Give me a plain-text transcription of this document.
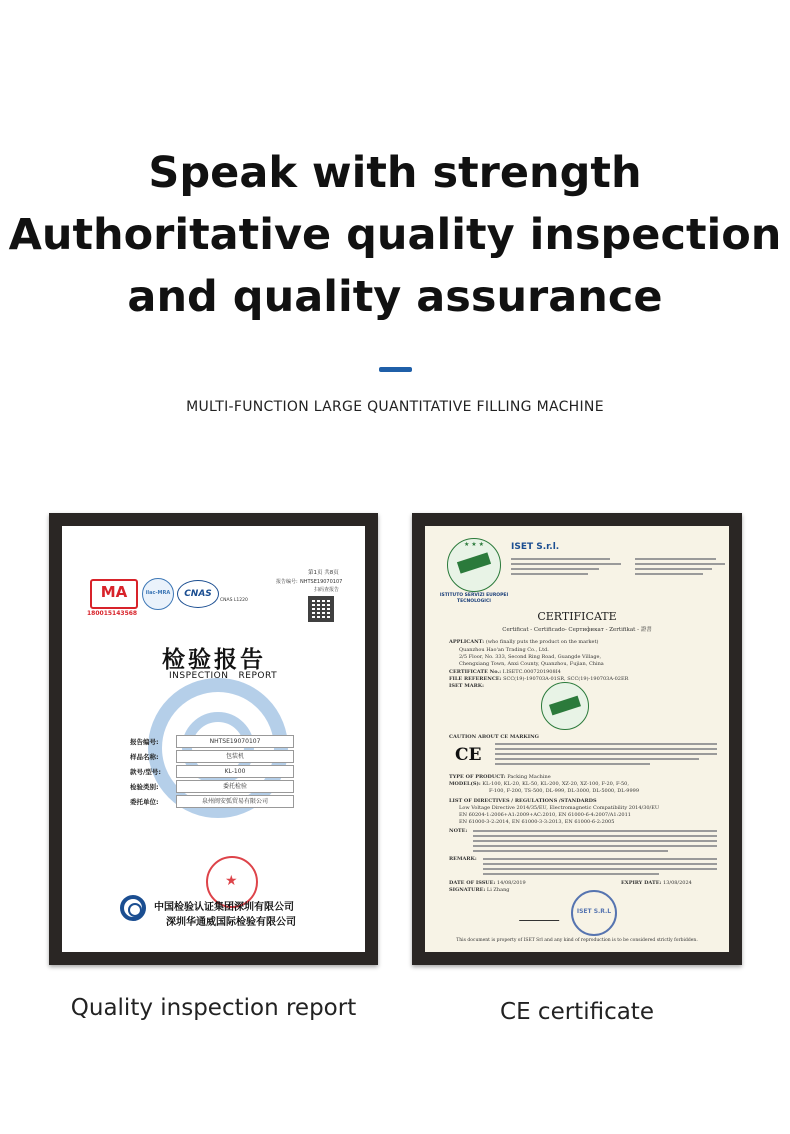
Speak with strength
Authoritative quality inspection
and quality assurance
MULTI-FUNCTION LARGE QUANTITATIVE FILLING MACHINE
MA
180015143568
ilac-MRA	CNAS
CNAS L1220
第1页 共8页
报告编号: NHTSE19070107
扫码查报告
检验报告
INSPECTION   REPORT
报告编号:	NHTSE19070107
样品名称:	包装机
款号/型号:	KL-100
检验类别:	委托检验
委托单位:	泉州闽安弧贸易有限公司
★
中国检验认证集团深圳有限公司
深圳华通威国际检验有限公司
★ ★ ★
ISTITUTO SERVIZI EUROPEI TECNOLOGICI
ISET S.r.l.
CERTIFICATE
Certificat - Certificado- Сертификат - Zertifikat - 證書
APPLICANT: (who finally puts the product on the market)
Quanzhou Hao'an Trading Co., Ltd.
2/5 Floor, No. 333, Second Ring Road, Guangde Village,
Chengxiang Town, Anxi County, Quanzhou, Fujian, China
CERTIFICATE No.: I.ISETC.0007201908I4
FILE REFERENCE: SCC(19)-190703A-01SR, SCC(19)-190703A-02ER
ISET MARK:
CAUTION ABOUT CE MARKING
CE
TYPE OF PRODUCT: Packing Machine
MODEL(S): KL-100, KL-20, KL-50, KL-200, XZ-20, XZ-100, F-20, F-50,
F-100, F-200, TS-500, DL-999, DL-3000, DL-5000, DL-9999
LIST OF DIRECTIVES / REGULATIONS /STANDARDS
Low Voltage Directive 2014/35/EU, Electromagnetic Compatibility 2014/30/EU
EN 60204-1:2006+A1:2009+AC:2010, EN 61000-6-4:2007/A1:2011
EN 61000-3-2:2014, EN 61000-3-3:2013, EN 61000-6-2:2005
NOTE:
REMARK:
DATE OF ISSUE: 14/08/2019	EXPIRY DATE: 13/08/2024
SIGNATURE: Li Zhang
ISET S.R.L
This document is property of ISET Srl and any kind of reproduction is to be considered strictly forbidden.
Quality inspection report	CE certificate
